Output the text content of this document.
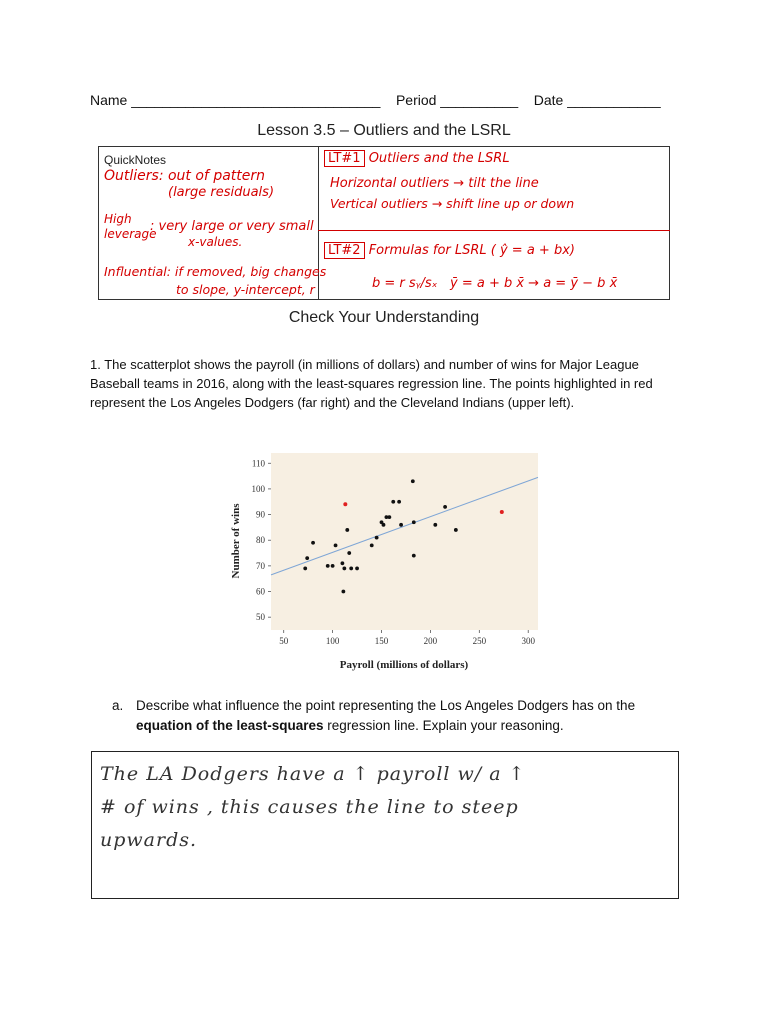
Name ________________________________    Period __________    Date ____________
Lesson 3.5 – Outliers and the LSRL
QuickNotes
Outliers: out of pattern
(large residuals)
High
leverage
: very large or very small
x-values.
Influential: if removed, big changes
to slope, y-intercept, r
LT#1 Outliers and the LSRL
Horizontal outliers → tilt the line
Vertical outliers → shift line up or down
LT#2 Formulas for LSRL ( ŷ = a + bx)
b = r sᵧ/sₓ ȳ = a + b x̄ → a = ȳ − b x̄
Check Your Understanding
1. The scatterplot shows the payroll (in millions of dollars) and number of wins for Major League Baseball teams in 2016, along with the least-squares regression line. The points highlighted in red represent the Los Angeles Dodgers (far right) and the Cleveland Indians (upper left).
50	100	150	200	250	300
50
60
70
80
90
100
110
Payroll (millions of dollars)
Number of wins
a. Describe what influence the point representing the Los Angeles Dodgers has on the equation of the least-squares regression line. Explain your reasoning.
The LA Dodgers have a ↑ payroll w/ a ↑
# of wins , this causes the line to steep
upwards.
